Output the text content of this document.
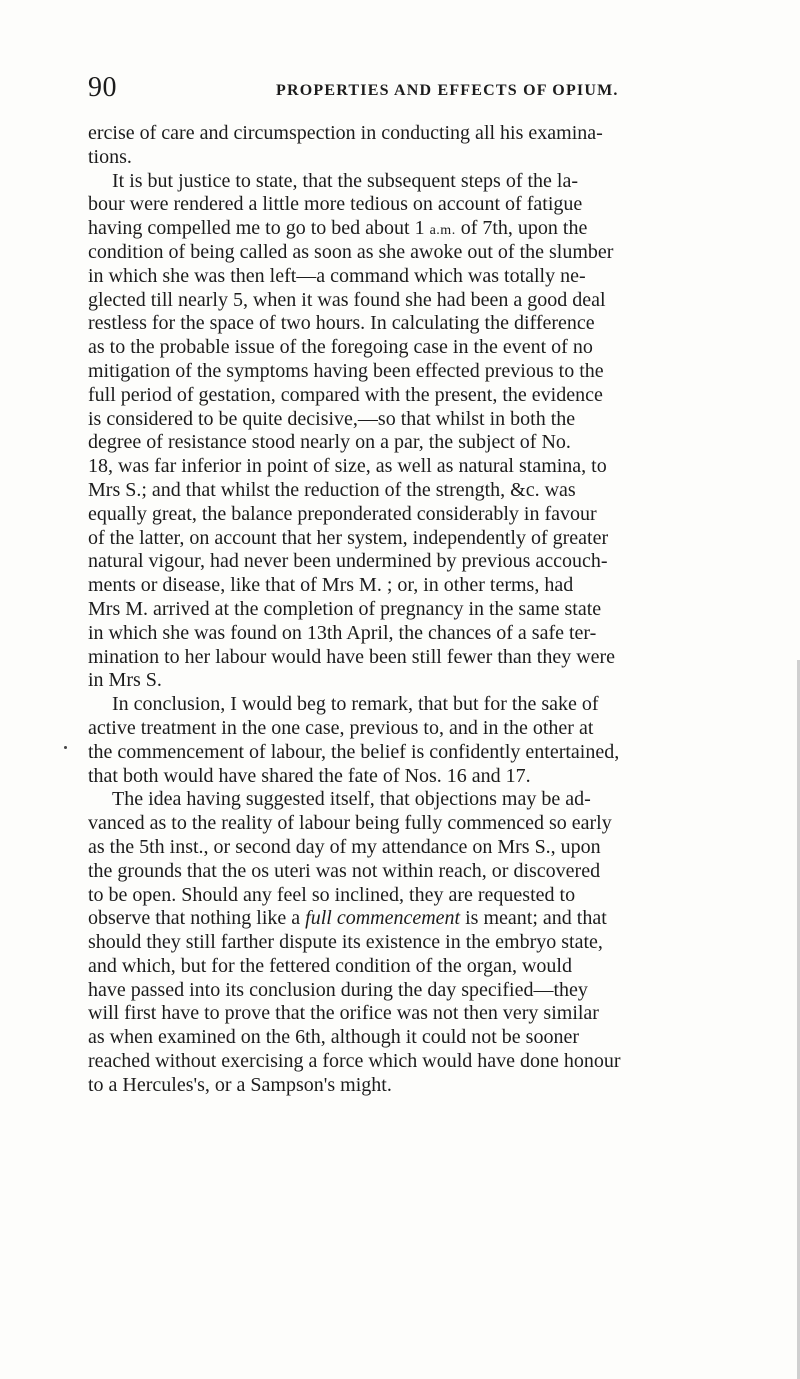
90	PROPERTIES AND EFFECTS OF OPIUM.
ercise of care and circumspection in conducting all his examina-
tions.
It is but justice to state, that the subsequent steps of the la-
bour were rendered a little more tedious on account of fatigue
having compelled me to go to bed about 1 a.m. of 7th, upon the
condition of being called as soon as she awoke out of the slumber
in which she was then left—a command which was totally ne-
glected till nearly 5, when it was found she had been a good deal
restless for the space of two hours. In calculating the difference
as to the probable issue of the foregoing case in the event of no
mitigation of the symptoms having been effected previous to the
full period of gestation, compared with the present, the evidence
is considered to be quite decisive,—so that whilst in both the
degree of resistance stood nearly on a par, the subject of No.
18, was far inferior in point of size, as well as natural stamina, to
Mrs S.; and that whilst the reduction of the strength, &c. was
equally great, the balance preponderated considerably in favour
of the latter, on account that her system, independently of greater
natural vigour, had never been undermined by previous accouch-
ments or disease, like that of Mrs M. ; or, in other terms, had
Mrs M. arrived at the completion of pregnancy in the same state
in which she was found on 13th April, the chances of a safe ter-
mination to her labour would have been still fewer than they were
in Mrs S.
In conclusion, I would beg to remark, that but for the sake of
active treatment in the one case, previous to, and in the other at
the commencement of labour, the belief is confidently entertained,
that both would have shared the fate of Nos. 16 and 17.
The idea having suggested itself, that objections may be ad-
vanced as to the reality of labour being fully commenced so early
as the 5th inst., or second day of my attendance on Mrs S., upon
the grounds that the os uteri was not within reach, or discovered
to be open. Should any feel so inclined, they are requested to
observe that nothing like a full commencement is meant; and that
should they still farther dispute its existence in the embryo state,
and which, but for the fettered condition of the organ, would
have passed into its conclusion during the day specified—they
will first have to prove that the orifice was not then very similar
as when examined on the 6th, although it could not be sooner
reached without exercising a force which would have done honour
to a Hercules's, or a Sampson's might.
